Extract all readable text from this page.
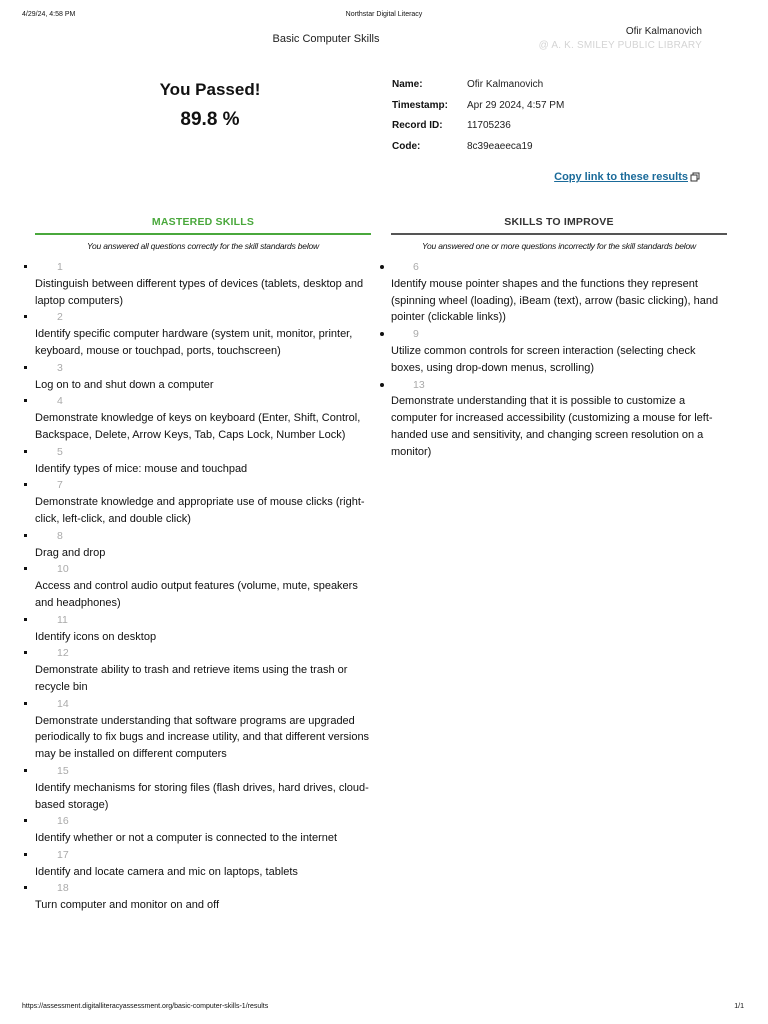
4/29/24, 4:58 PM	Northstar Digital Literacy
Basic Computer Skills
Ofir Kalmanovich
@ A. K. SMILEY PUBLIC LIBRARY
You Passed!
89.8 %
Name:	Ofir Kalmanovich
Timestamp:	Apr 29 2024, 4:57 PM
Record ID:	11705236
Code:	8c39eaeeca19
Copy link to these results
MASTERED SKILLS
You answered all questions correctly for the skill standards below
1
Distinguish between different types of devices (tablets, desktop and laptop computers)
2
Identify specific computer hardware (system unit, monitor, printer, keyboard, mouse or touchpad, ports, touchscreen)
3
Log on to and shut down a computer
4
Demonstrate knowledge of keys on keyboard (Enter, Shift, Control, Backspace, Delete, Arrow Keys, Tab, Caps Lock, Number Lock)
5
Identify types of mice: mouse and touchpad
7
Demonstrate knowledge and appropriate use of mouse clicks (right-click, left-click, and double click)
8
Drag and drop
10
Access and control audio output features (volume, mute, speakers and headphones)
11
Identify icons on desktop
12
Demonstrate ability to trash and retrieve items using the trash or recycle bin
14
Demonstrate understanding that software programs are upgraded periodically to fix bugs and increase utility, and that different versions may be installed on different computers
15
Identify mechanisms for storing files (flash drives, hard drives, cloud-based storage)
16
Identify whether or not a computer is connected to the internet
17
Identify and locate camera and mic on laptops, tablets
18
Turn computer and monitor on and off
SKILLS TO IMPROVE
You answered one or more questions incorrectly for the skill standards below
6
Identify mouse pointer shapes and the functions they represent (spinning wheel (loading), iBeam (text), arrow (basic clicking), hand pointer (clickable links))
9
Utilize common controls for screen interaction (selecting check boxes, using drop-down menus, scrolling)
13
Demonstrate understanding that it is possible to customize a computer for increased accessibility (customizing a mouse for left-handed use and sensitivity, and changing screen resolution on a monitor)
https://assessment.digitalliteracyassessment.org/basic-computer-skills-1/results	1/1
